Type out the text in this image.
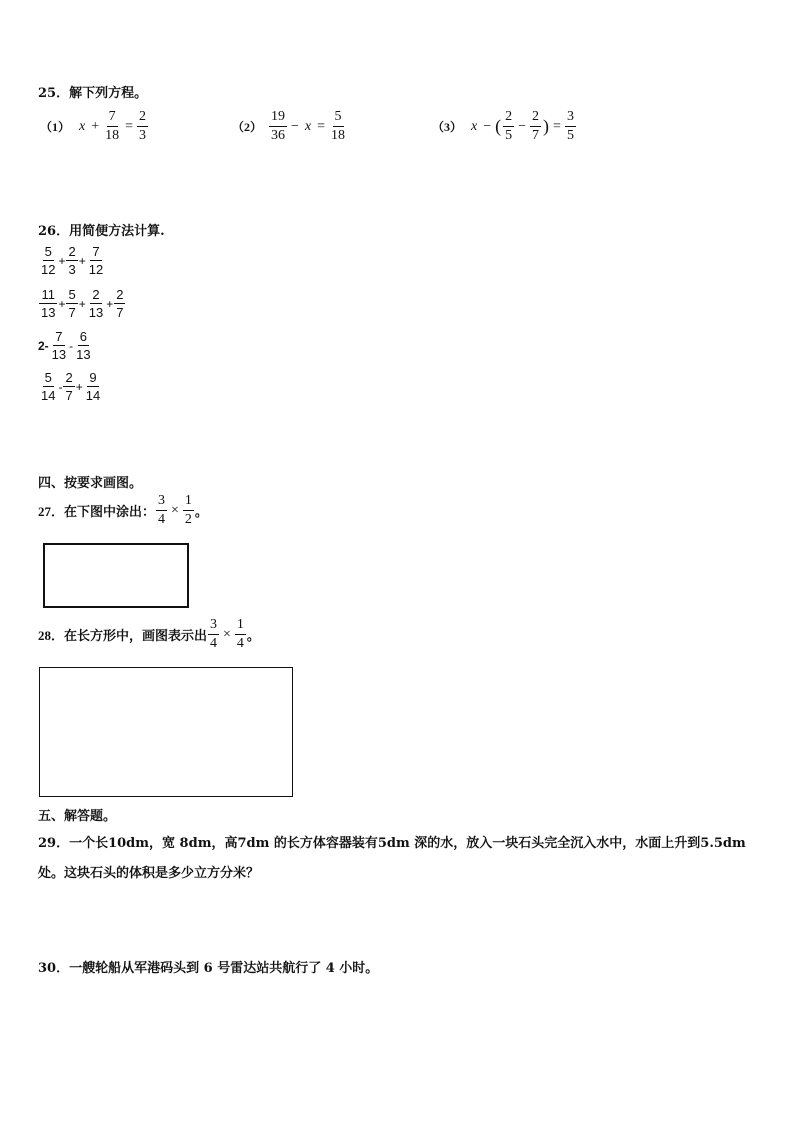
25．解下列方程。
（1） $x + \frac{7}{18} = \frac{2}{3}$	$(2) \frac{19}{36} - x = \frac{5}{18}$	（3） x − ( $\frac{2}{5} - \frac{2}{7}$ ) = $\frac{3}{5}$
26．用简便方法计算.
$\frac{5}{12} + \frac{2}{3} + \frac{7}{12}$
$\frac{11}{13} + \frac{5}{7} + \frac{2}{13} + \frac{2}{7}$
$2- \frac{7}{13} - \frac{6}{13}$
$\frac{5}{14} - \frac{2}{7} + \frac{9}{14}$
四、按要求画图。
27．在下图中涂出： $\frac{3}{4} \times \frac{1}{2}$ 。
28．在长方形中，画图表示出 $\frac{3}{4} \times \frac{1}{4}$ 。
五、解答题。
29．一个长10dm，宽 8dm，高7dm 的长方体容器装有5dm 深的水，放入一块石头完全沉入水中，水面上升到5.5dm
处。这块石头的体积是多少立方分米？
30．一艘轮船从军港码头到 6 号雷达站共航行了 4 小时。
